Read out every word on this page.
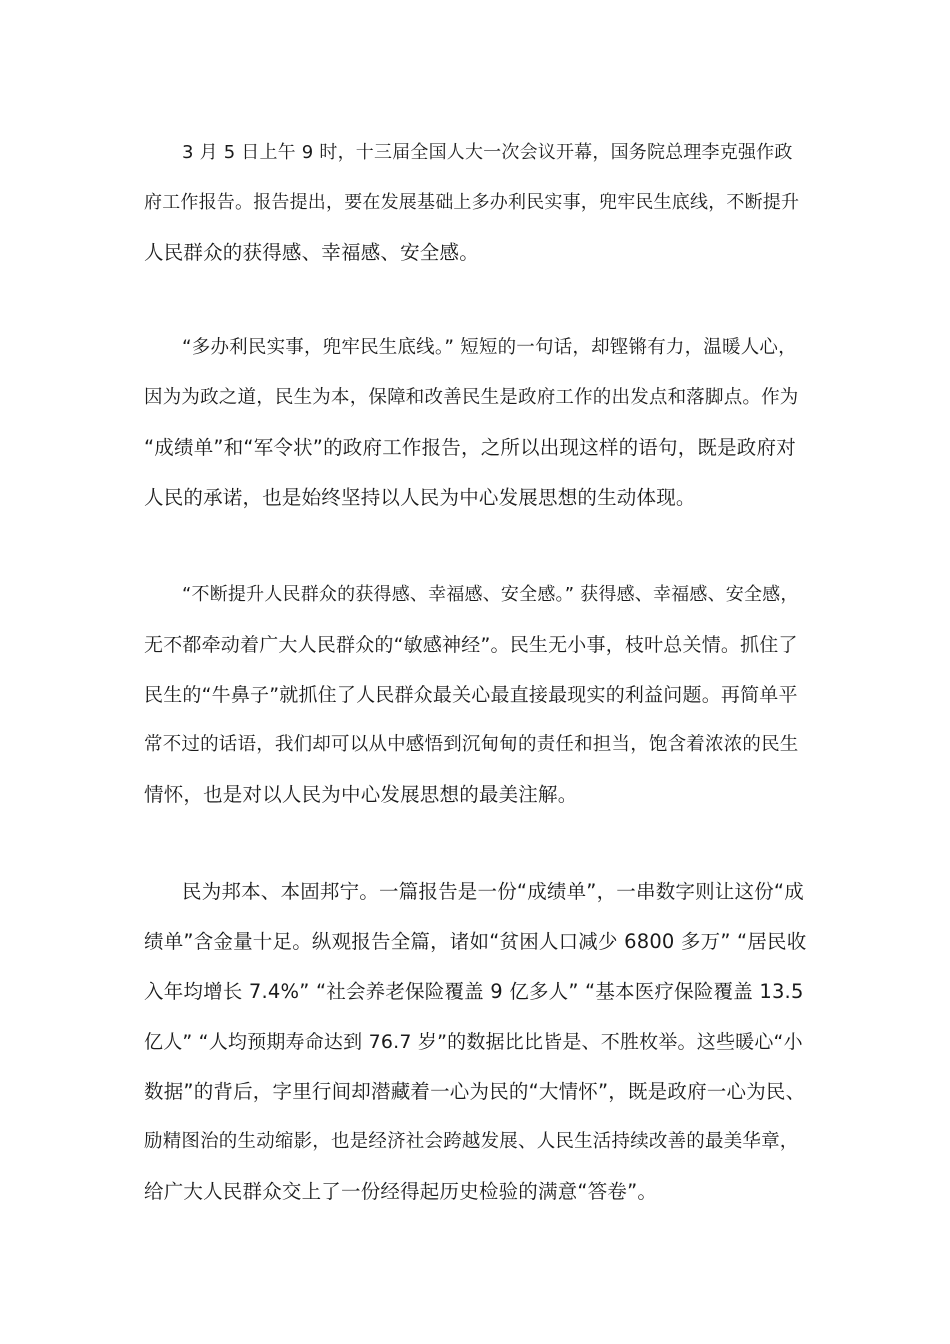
3 月 5 日上午 9 时，十三届全国人大一次会议开幕，国务院总理李克强作政
府工作报告。报告提出，要在发展基础上多办利民实事，兜牢民生底线，不断提升
人民群众的获得感、幸福感、安全感。
“多办利民实事，兜牢民生底线。” 短短的一句话，却铿锵有力，温暖人心，
因为为政之道，民生为本，保障和改善民生是政府工作的出发点和落脚点。作为
“成绩单”和“军令状”的政府工作报告，之所以出现这样的语句，既是政府对
人民的承诺，也是始终坚持以人民为中心发展思想的生动体现。
“不断提升人民群众的获得感、幸福感、安全感。” 获得感、幸福感、安全感，
无不都牵动着广大人民群众的“敏感神经”。民生无小事，枝叶总关情。抓住了
民生的“牛鼻子”就抓住了人民群众最关心最直接最现实的利益问题。再简单平
常不过的话语，我们却可以从中感悟到沉甸甸的责任和担当，饱含着浓浓的民生
情怀，也是对以人民为中心发展思想的最美注解。
民为邦本、本固邦宁。一篇报告是一份“成绩单”，一串数字则让这份“成
绩单”含金量十足。纵观报告全篇，诸如“贫困人口减少 6800 多万” “居民收
入年均增长 7.4%” “社会养老保险覆盖 9 亿多人” “基本医疗保险覆盖 13.5
亿人” “人均预期寿命达到 76.7 岁”的数据比比皆是、不胜枚举。这些暖心“小
数据”的背后，字里行间却潜藏着一心为民的“大情怀”，既是政府一心为民、
励精图治的生动缩影，也是经济社会跨越发展、人民生活持续改善的最美华章，
给广大人民群众交上了一份经得起历史检验的满意“答卷”。
